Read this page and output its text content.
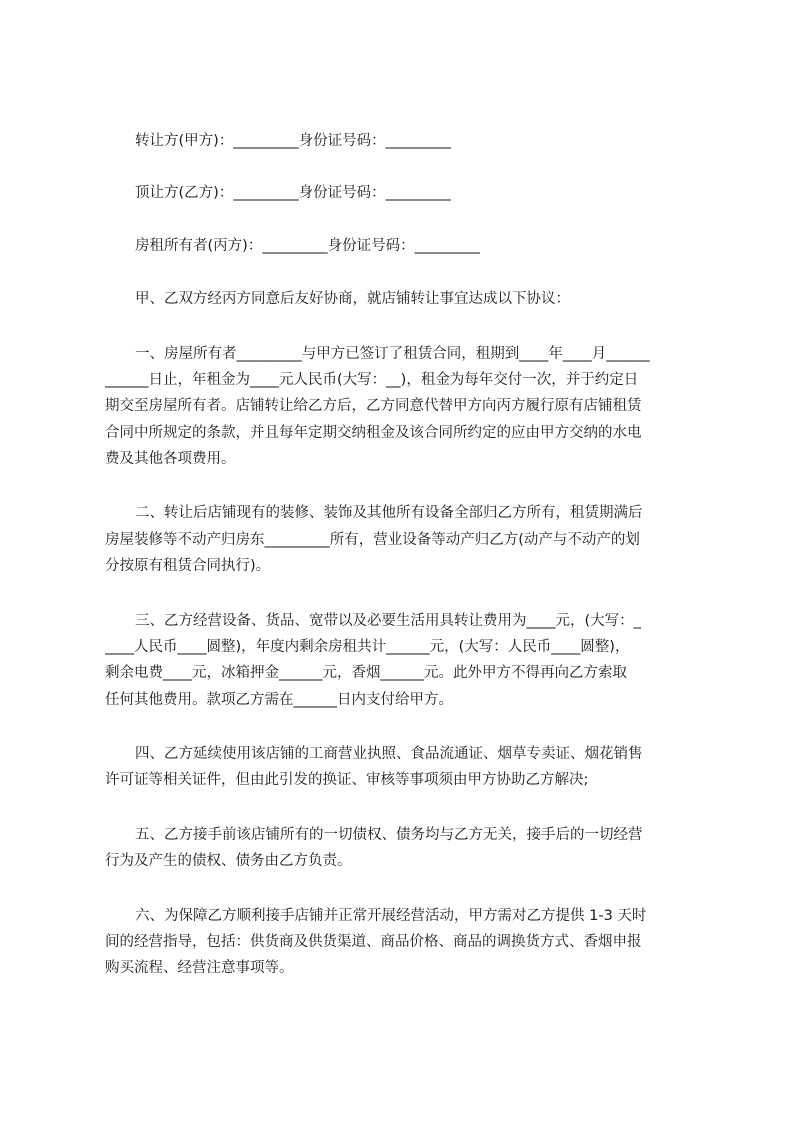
转让方(甲方)：_________身份证号码：_________
顶让方(乙方)：_________身份证号码：_________
房租所有者(丙方)：_________身份证号码：_________
甲、乙双方经丙方同意后友好协商，就店铺转让事宜达成以下协议：
一、房屋所有者_________与甲方已签订了租赁合同，租期到____年____月______
______日止，年租金为____元人民币(大写：__)，租金为每年交付一次，并于约定日
期交至房屋所有者。店铺转让给乙方后，乙方同意代替甲方向丙方履行原有店铺租赁
合同中所规定的条款，并且每年定期交纳租金及该合同所约定的应由甲方交纳的水电
费及其他各项费用。
二、转让后店铺现有的装修、装饰及其他所有设备全部归乙方所有，租赁期满后
房屋装修等不动产归房东_________所有，营业设备等动产归乙方(动产与不动产的划
分按原有租赁合同执行)。
三、乙方经营设备、货品、宽带以及必要生活用具转让费用为____元，(大写：_
____人民币____圆整)，年度内剩余房租共计______元，(大写：人民币____圆整)，
剩余电费____元，冰箱押金______元，香烟______元。此外甲方不得再向乙方索取
任何其他费用。款项乙方需在______日内支付给甲方。
四、乙方延续使用该店铺的工商营业执照、食品流通证、烟草专卖证、烟花销售
许可证等相关证件，但由此引发的换证、审核等事项须由甲方协助乙方解决;
五、乙方接手前该店铺所有的一切债权、债务均与乙方无关，接手后的一切经营
行为及产生的债权、债务由乙方负责。
六、为保障乙方顺利接手店铺并正常开展经营活动，甲方需对乙方提供 1-3 天时
间的经营指导，包括：供货商及供货渠道、商品价格、商品的调换货方式、香烟申报
购买流程、经营注意事项等。
